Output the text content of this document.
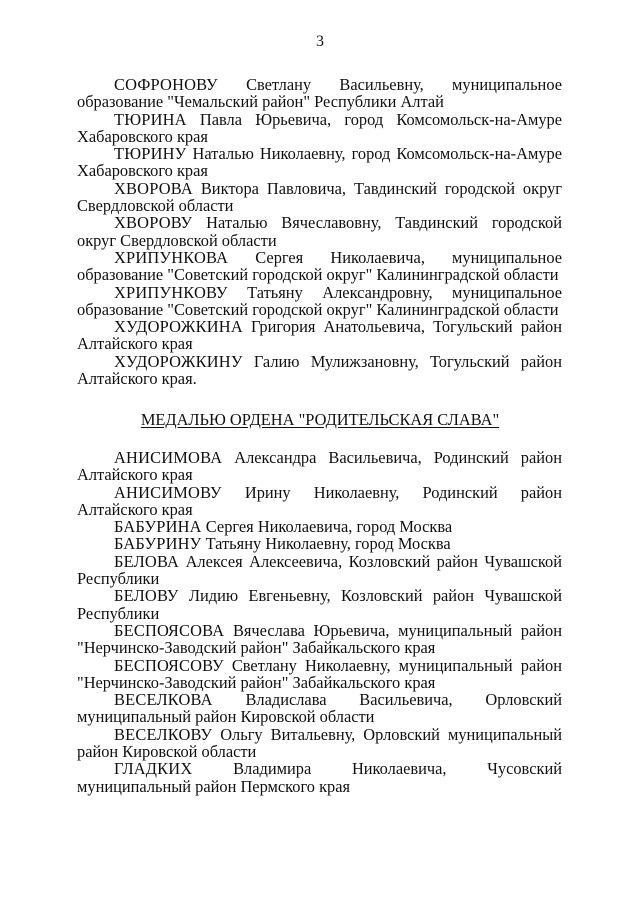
3

СОФРОНОВУ Светлану Васильевну, муниципальное образование "Чемальский район" Республики Алтай

ТЮРИНА Павла Юрьевича, город Комсомольск-на-Амуре Хабаровского края

ТЮРИНУ Наталью Николаевну, город Комсомольск-на-Амуре Хабаровского края

ХВОРОВА Виктора Павловича, Тавдинский городской округ Свердловской области

ХВОРОВУ Наталью Вячеславовну, Тавдинский городской округ Свердловской области

ХРИПУНКОВА Сергея Николаевича, муниципальное образование "Советский городской округ" Калининградской области

ХРИПУНКОВУ Татьяну Александровну, муниципальное образование "Советский городской округ" Калининградской области

ХУДОРОЖКИНА Григория Анатольевича, Тогульский район Алтайского края

ХУДОРОЖКИНУ Галию Мулижзановну, Тогульский район Алтайского края.

МЕДАЛЬЮ ОРДЕНА "РОДИТЕЛЬСКАЯ СЛАВА"

АНИСИМОВА Александра Васильевича, Родинский район Алтайского края

АНИСИМОВУ Ирину Николаевну, Родинский район Алтайского края

БАБУРИНА Сергея Николаевича, город Москва

БАБУРИНУ Татьяну Николаевну, город Москва

БЕЛОВА Алексея Алексеевича, Козловский район Чувашской Республики

БЕЛОВУ Лидию Евгеньевну, Козловский район Чувашской Республики

БЕСПОЯСОВА Вячеслава Юрьевича, муниципальный район "Нерчинско-Заводский район" Забайкальского края

БЕСПОЯСОВУ Светлану Николаевну, муниципальный район "Нерчинско-Заводский район" Забайкальского края

ВЕСЕЛКОВА Владислава Васильевича, Орловский муниципальный район Кировской области

ВЕСЕЛКОВУ Ольгу Витальевну, Орловский муниципальный район Кировской области

ГЛАДКИХ Владимира Николаевича, Чусовский муниципальный район Пермского края
